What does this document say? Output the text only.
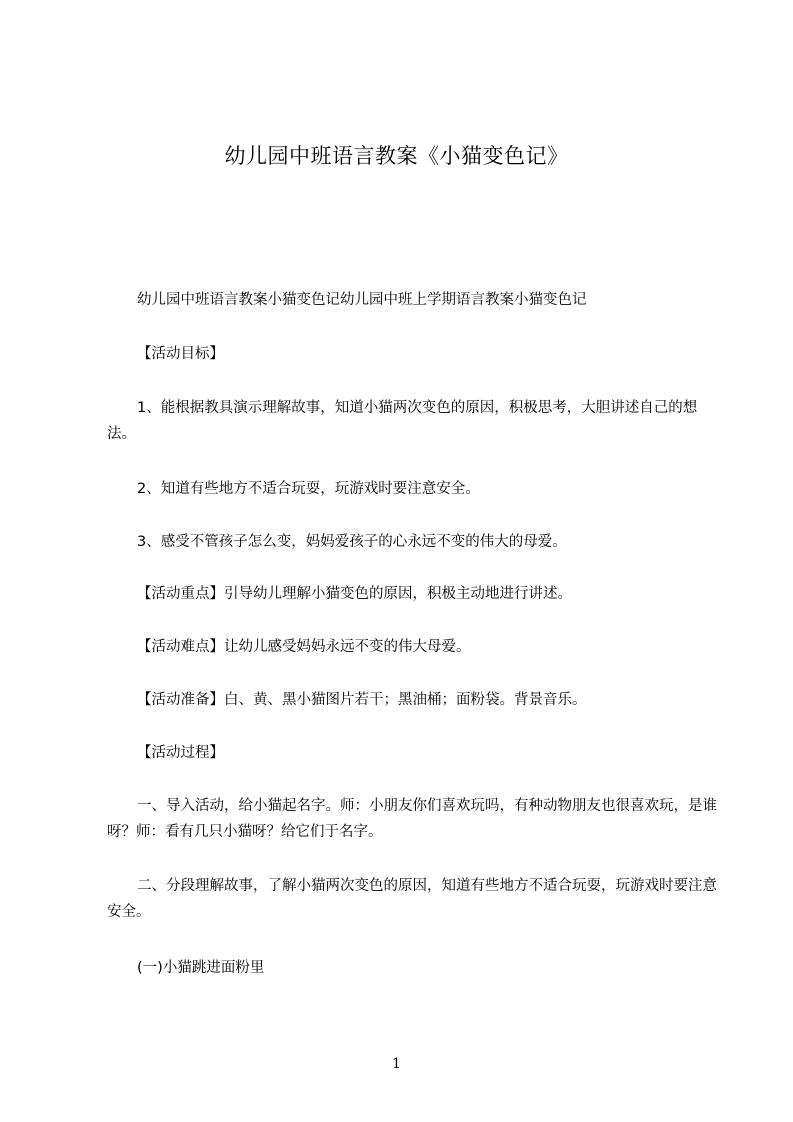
幼儿园中班语言教案《小猫变色记》
幼儿园中班语言教案小猫变色记幼儿园中班上学期语言教案小猫变色记
【活动目标】
1、能根据教具演示理解故事，知道小猫两次变色的原因，积极思考，大胆讲述自己的想法。
2、知道有些地方不适合玩耍，玩游戏时要注意安全。
3、感受不管孩子怎么变，妈妈爱孩子的心永远不变的伟大的母爱。
【活动重点】引导幼儿理解小猫变色的原因，积极主动地进行讲述。
【活动难点】让幼儿感受妈妈永远不变的伟大母爱。
【活动准备】白、黄、黑小猫图片若干；黑油桶；面粉袋。背景音乐。
【活动过程】
一、导入活动，给小猫起名字。师：小朋友你们喜欢玩吗，有种动物朋友也很喜欢玩，是谁呀？师：看有几只小猫呀？给它们于名字。
二、分段理解故事，了解小猫两次变色的原因，知道有些地方不适合玩耍，玩游戏时要注意安全。
(一)小猫跳进面粉里
1
